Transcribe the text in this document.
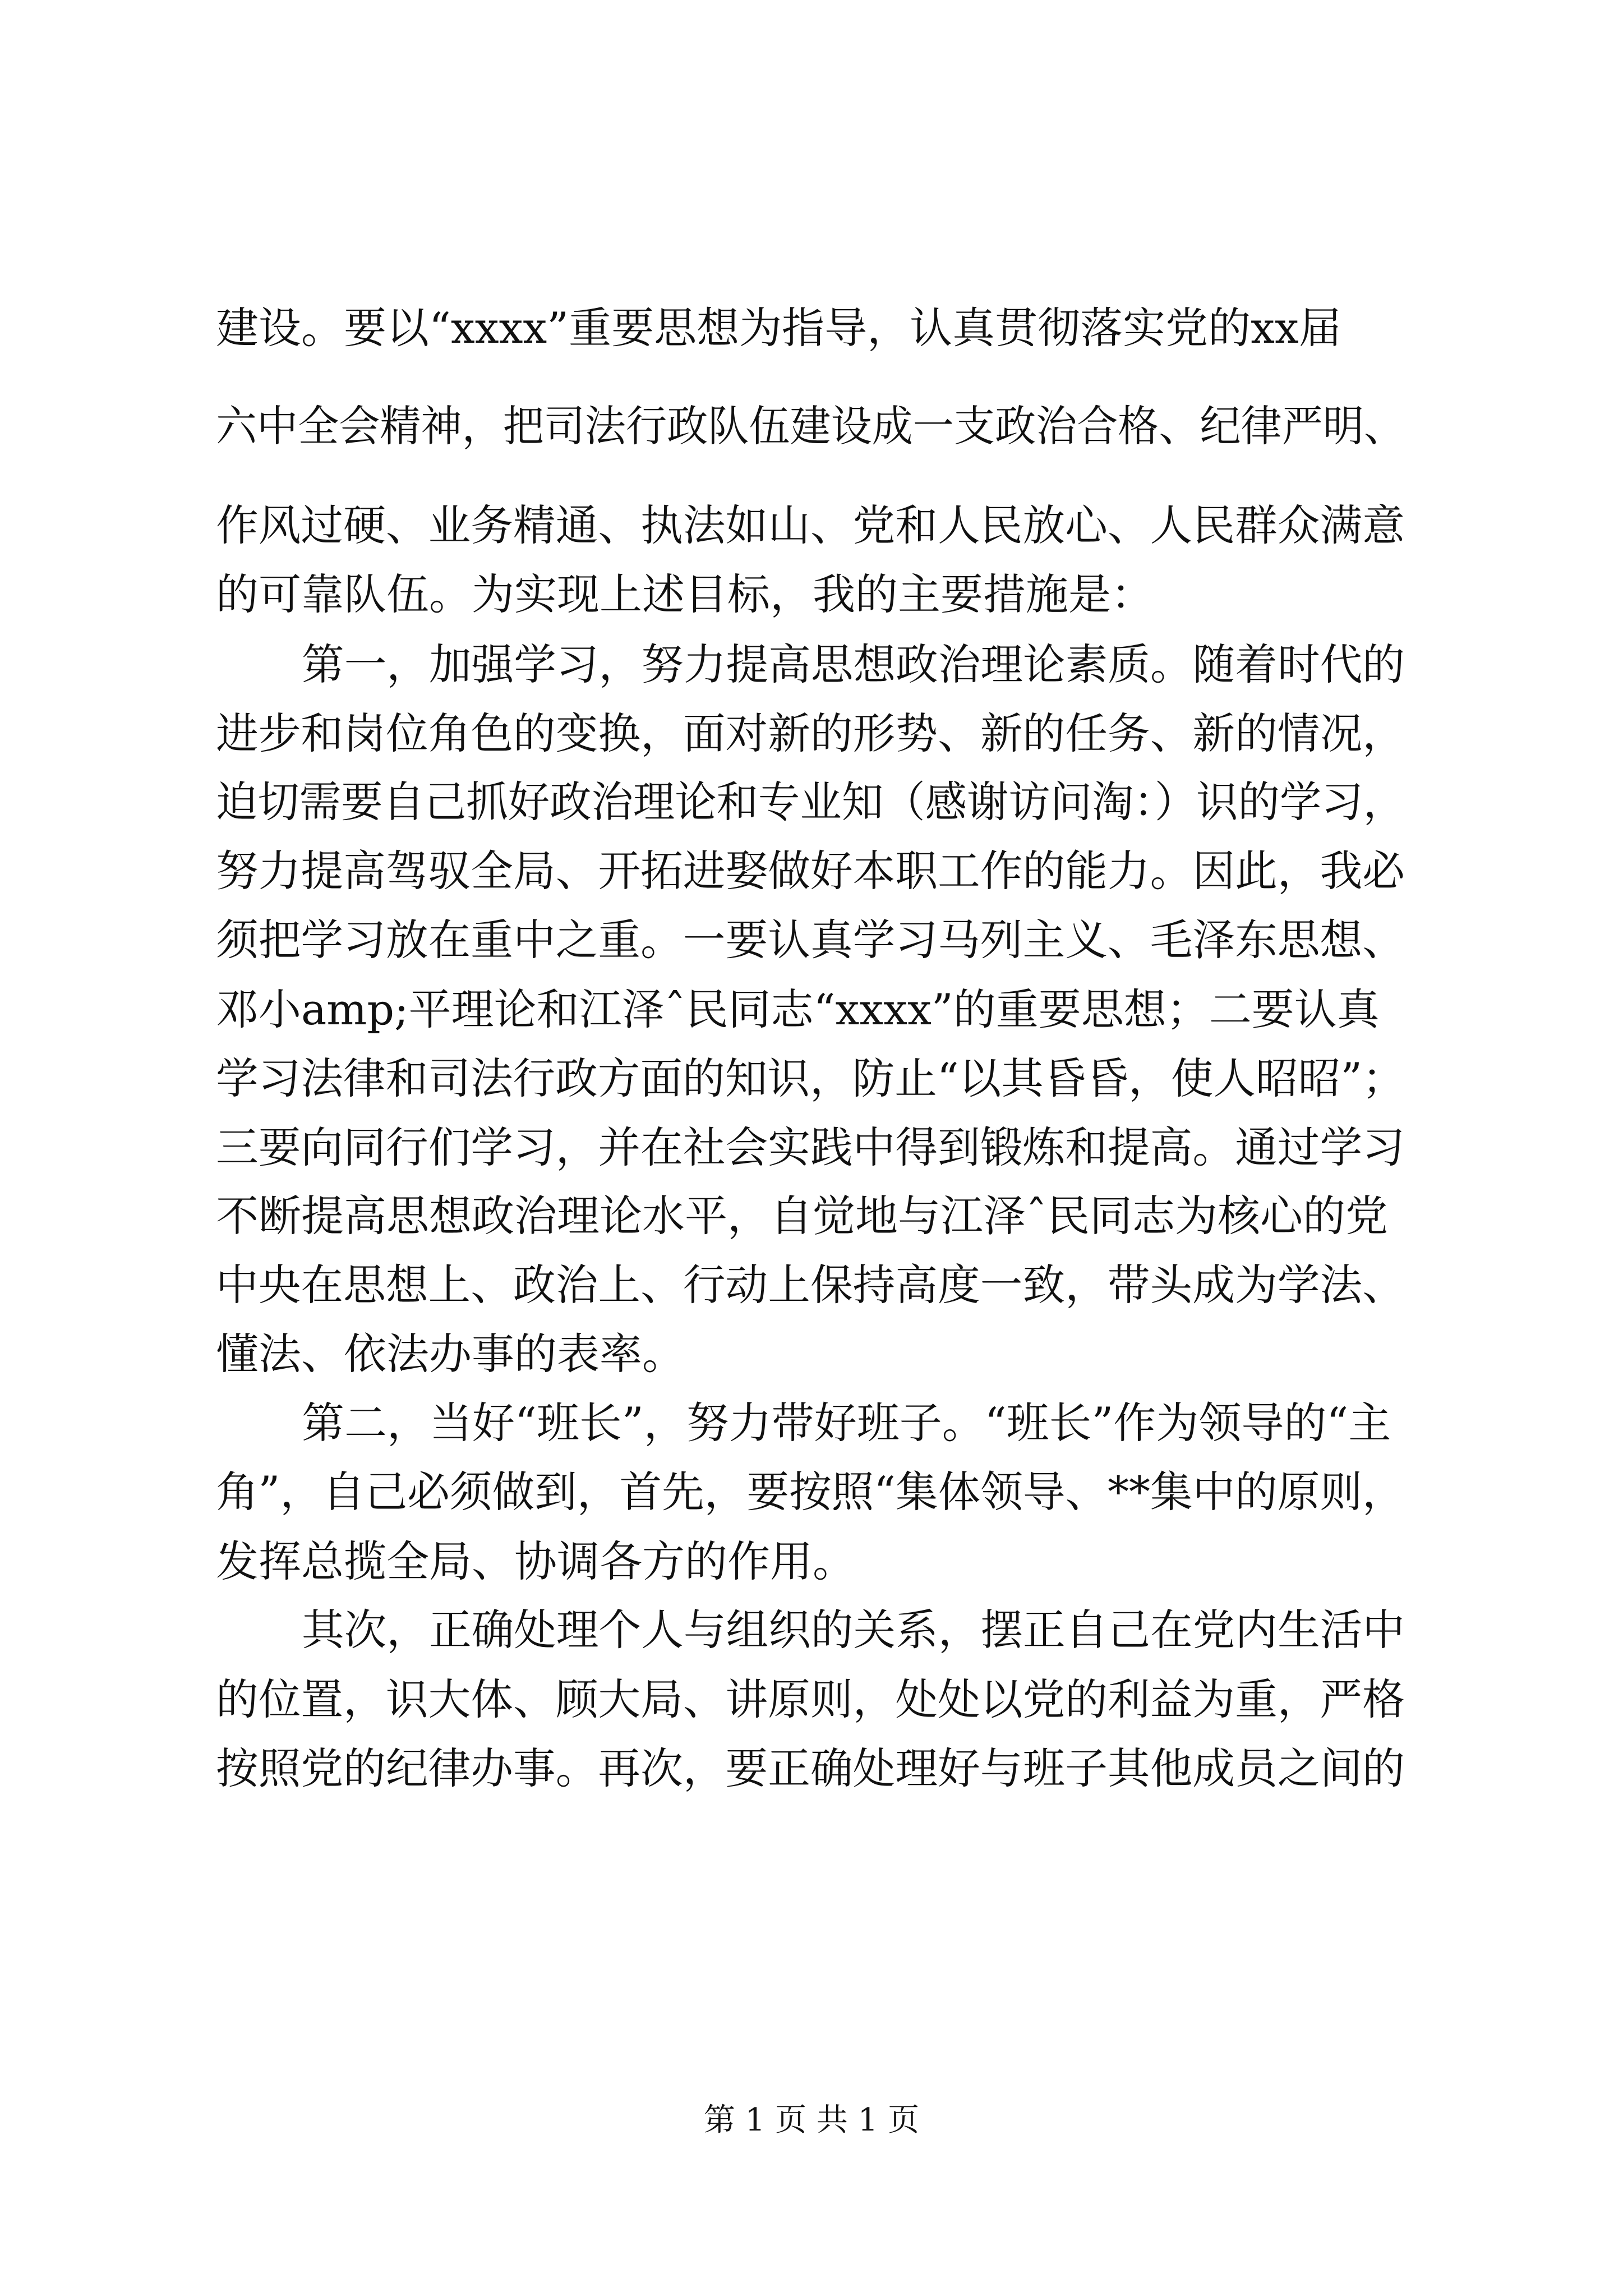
建设。要以“xxxx”重要思想为指导，认真贯彻落实党的xx届
六中全会精神，把司法行政队伍建设成一支政治合格、纪律严明、
作风过硬、业务精通、执法如山、党和人民放心、人民群众满意
的可靠队伍。为实现上述目标，我的主要措施是：
第一，加强学习，努力提高思想政治理论素质。随着时代的
进步和岗位角色的变换，面对新的形势、新的任务、新的情况，
迫切需要自己抓好政治理论和专业知（感谢访问淘：）识的学习，
努力提高驾驭全局、开拓进娶做好本职工作的能力。因此，我必
须把学习放在重中之重。一要认真学习马列主义、毛泽东思想、
邓小amp;平理论和江泽ˆ民同志“xxxx”的重要思想；二要认真
学习法律和司法行政方面的知识，防止“以其昏昏，使人昭昭”；
三要向同行们学习，并在社会实践中得到锻炼和提高。通过学习
不断提高思想政治理论水平，自觉地与江泽ˆ民同志为核心的党
中央在思想上、政治上、行动上保持高度一致，带头成为学法、
懂法、依法办事的表率。
第二，当好“班长”，努力带好班子。“班长”作为领导的“主
角”，自己必须做到，首先，要按照“集体领导、**集中的原则，
发挥总揽全局、协调各方的作用。
其次，正确处理个人与组织的关系，摆正自己在党内生活中
的位置，识大体、顾大局、讲原则，处处以党的利益为重，严格
按照党的纪律办事。再次，要正确处理好与班子其他成员之间的
第 1 页 共 1 页
